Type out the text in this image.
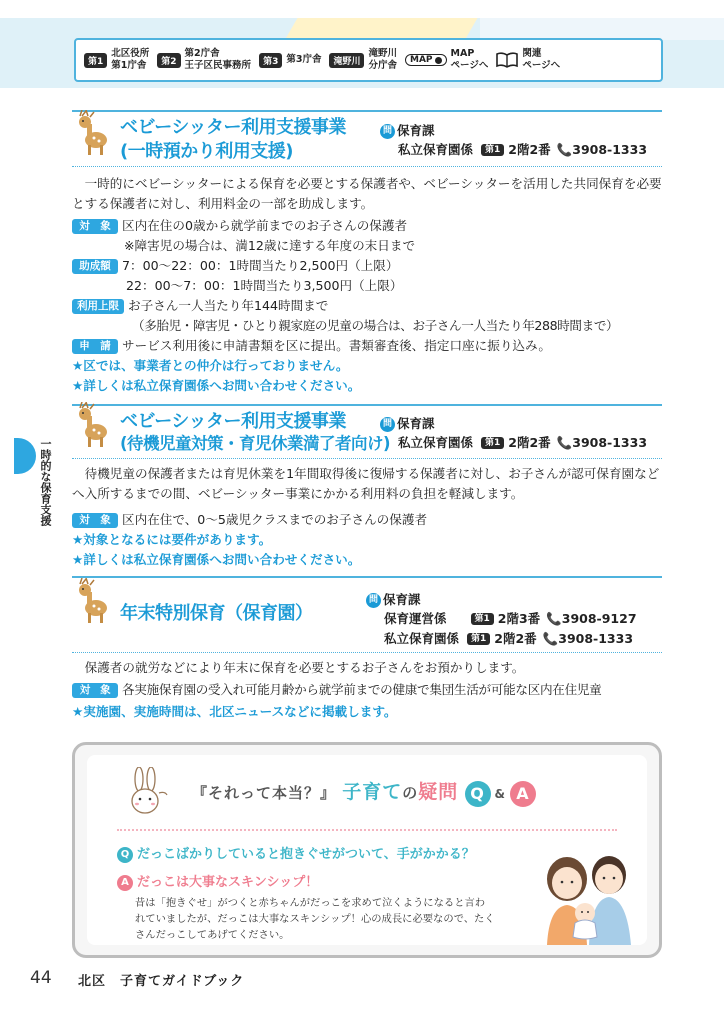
第1
北区役所
第1庁舎	第2
第2庁舎
王子区民事務所	第3 第3庁舎	滝野川
滝野川
分庁舎 MAP
MAP
ページへ
関連
ページへ
一時的な保育支援
ベビーシッター利用支援事業
(一時預かり利用支援)
問 保育課
私立保育園係 第1 2階2番 📞3908-1333
一時的にベビーシッターによる保育を必要とする保護者や、ベビーシッターを活用した共同保育を必要とする保護者に対し、利用料金の一部を助成します。
対　象 区内在住の0歳から就学前までのお子さんの保護者
※障害児の場合は、満12歳に達する年度の末日まで
助成額 7：00～22：00：1時間当たり2,500円（上限）
22：00～7：00：1時間当たり3,500円（上限）
利用上限 お子さん一人当たり年144時間まで
（多胎児・障害児・ひとり親家庭の児童の場合は、お子さん一人当たり年288時間まで）
申　請 サービス利用後に申請書類を区に提出。書類審査後、指定口座に振り込み。
★区では、事業者との仲介は行っておりません。
★詳しくは私立保育園係へお問い合わせください。
ベビーシッター利用支援事業
(待機児童対策・育児休業満了者向け)
問 保育課
私立保育園係 第1 2階2番 📞3908-1333
待機児童の保護者または育児休業を1年間取得後に復帰する保護者に対し、お子さんが認可保育園などへ入所するまでの間、ベビーシッター事業にかかる利用料の負担を軽減します。
対　象 区内在住で、0～5歳児クラスまでのお子さんの保護者
★対象となるには要件があります。
★詳しくは私立保育園係へお問い合わせください。
年末特別保育（保育園）
問 保育課
保育運営係	第1 2階3番 📞3908-9127
私立保育園係 第1 2階2番 📞3908-1333
保護者の就労などにより年末に保育を必要とするお子さんをお預かりします。
対　象 各実施保育園の受入れ可能月齢から就学前までの健康で集団生活が可能な区内在住児童
★実施園、実施時間は、北区ニュースなどに掲載します。
『それって本当？』 子育ての疑問 Q & A
Q だっこばかりしていると抱きぐせがついて、手がかかる？
A だっこは大事なスキンシップ！
昔は「抱きぐせ」がつくと赤ちゃんがだっこを求めて泣くようになると言われていましたが、だっこは大事なスキンシップ！心の成長に必要なので、たくさんだっこしてあげてください。
44 北区　子育てガイドブック
